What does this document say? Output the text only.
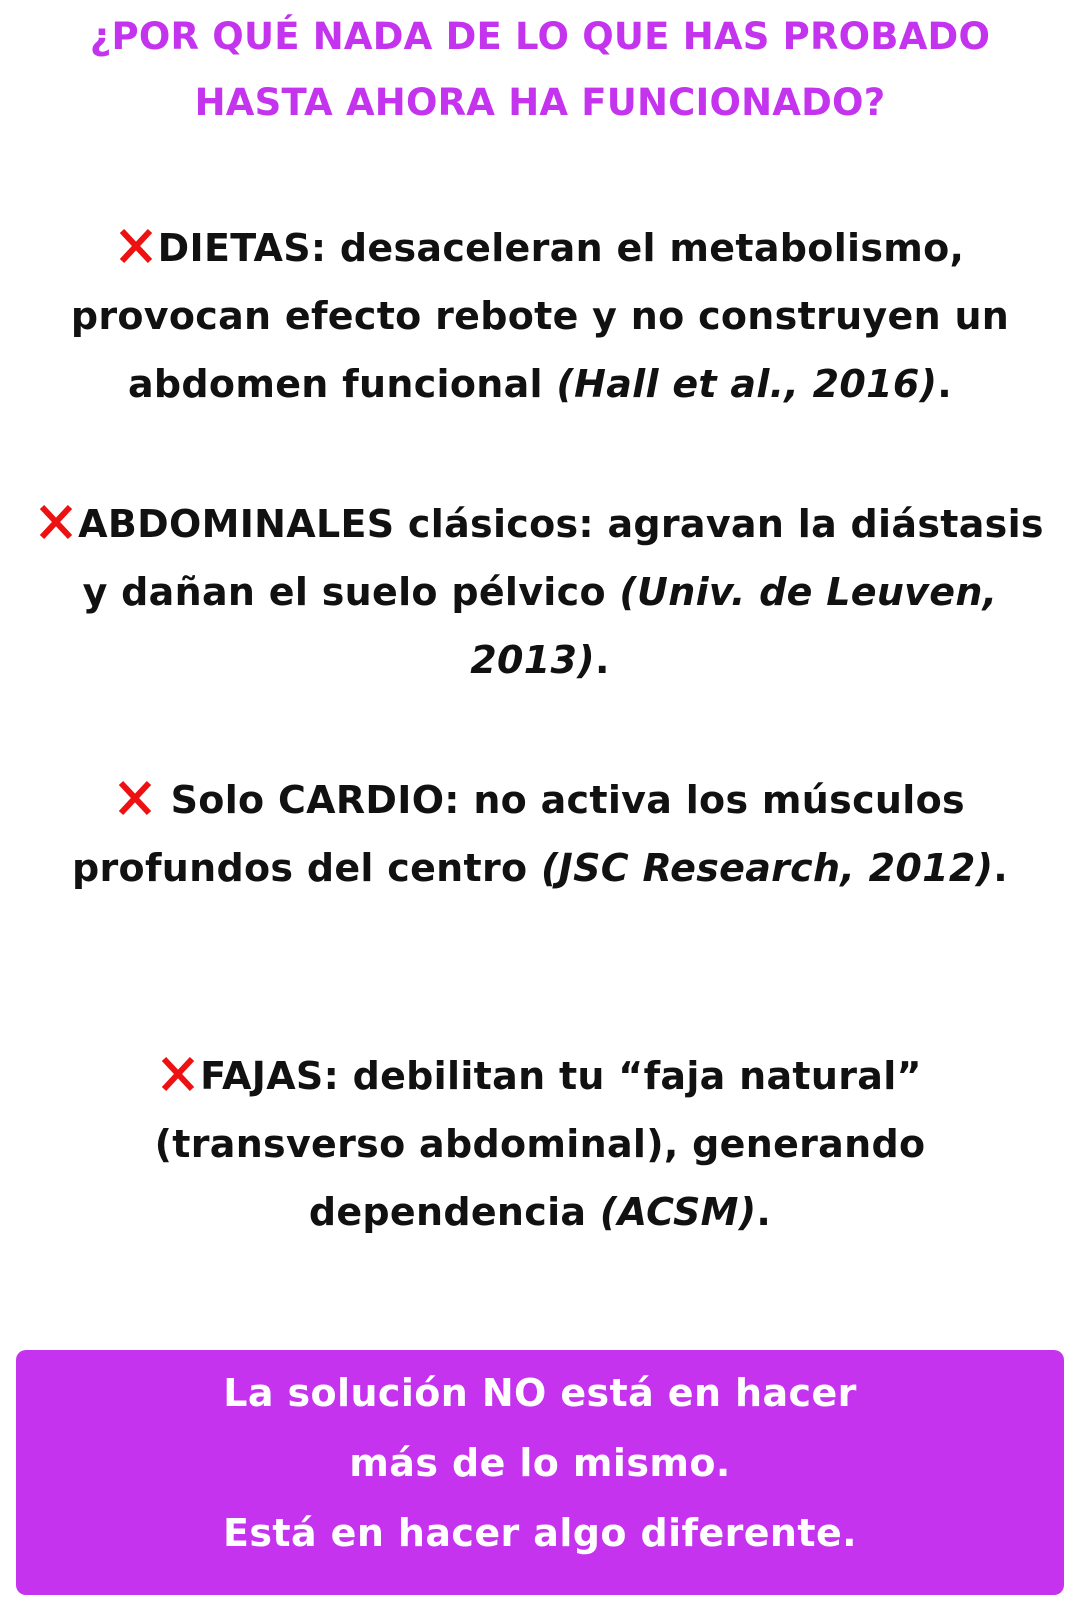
¿POR QUÉ NADA DE LO QUE HAS PROBADO
HASTA AHORA HA FUNCIONADO?
DIETAS: desaceleran el metabolismo, provocan efecto rebote y no construyen un abdomen funcional (Hall et al., 2016).
ABDOMINALES clásicos: agravan la diástasis y dañan el suelo pélvico (Univ. de Leuven, 2013).
Solo CARDIO: no activa los músculos profundos del centro (JSC Research, 2012).
FAJAS: debilitan tu “faja natural” (transverso abdominal), generando dependencia (ACSM).
La solución NO está en hacer
más de lo mismo.
Está en hacer algo diferente.
